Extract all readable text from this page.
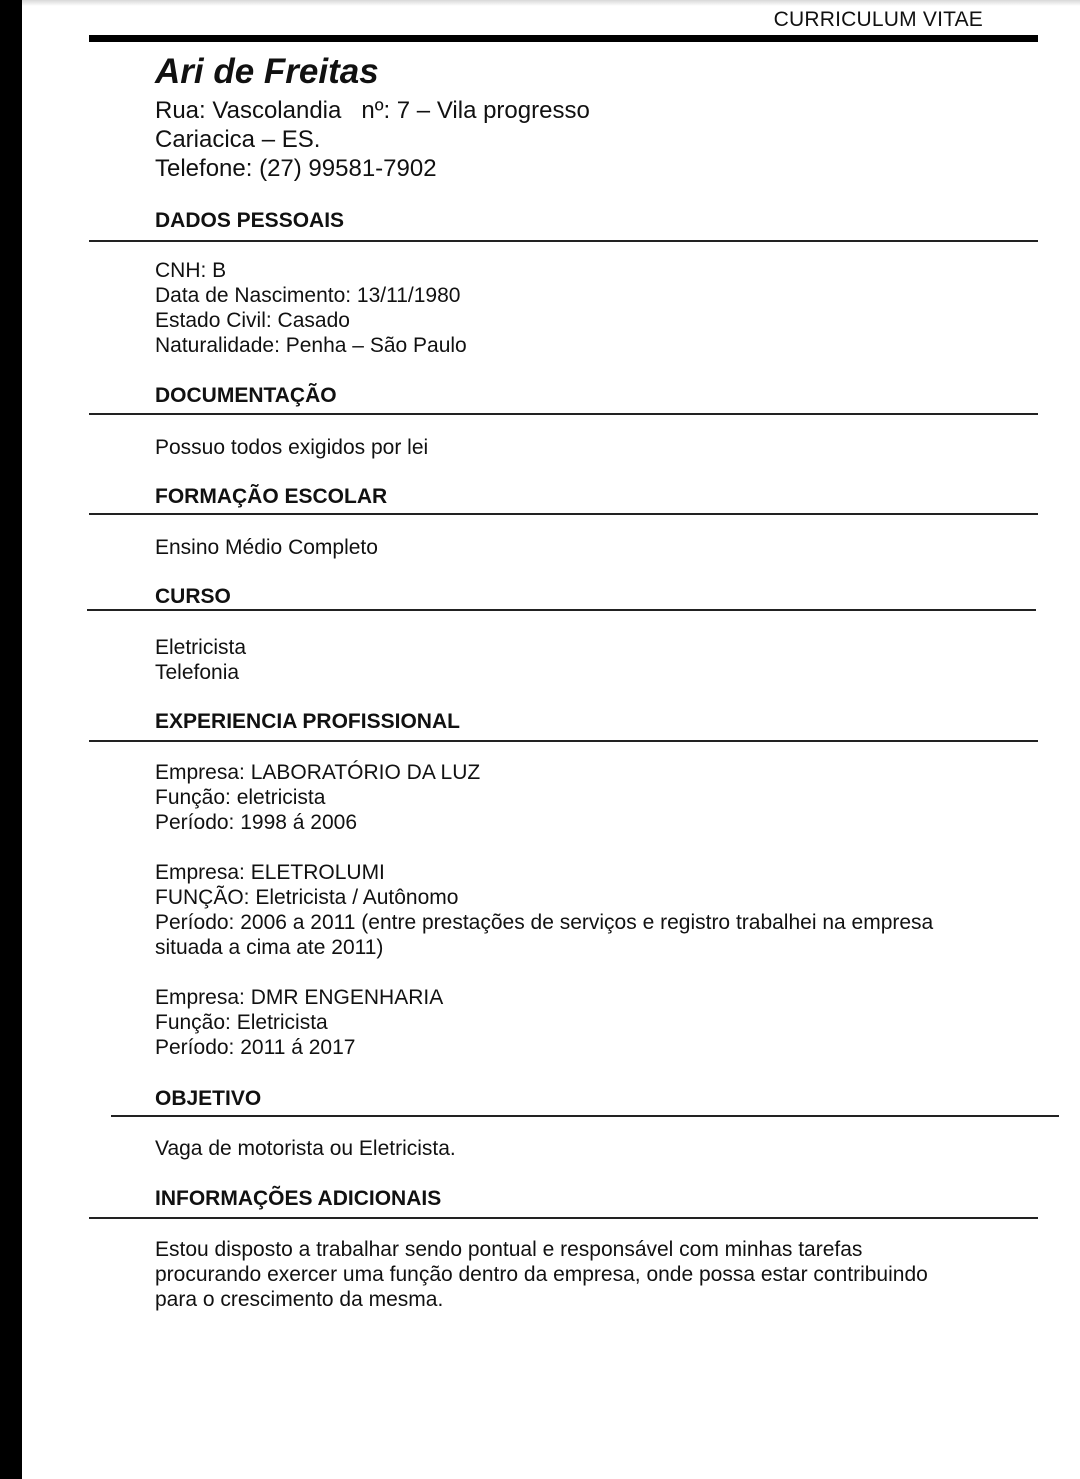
CURRICULUM VITAE
Ari de Freitas
Rua: Vascolandia   nº: 7 – Vila progresso
Cariacica – ES.
Telefone: (27) 99581-7902
DADOS PESSOAIS
CNH: B
Data de Nascimento: 13/11/1980
Estado Civil: Casado
Naturalidade: Penha – São Paulo
DOCUMENTAÇÃO
Possuo todos exigidos por lei
FORMAÇÃO ESCOLAR
Ensino Médio Completo
CURSO
Eletricista
Telefonia
EXPERIENCIA PROFISSIONAL
Empresa: LABORATÓRIO DA LUZ
Função: eletricista
Período: 1998 á 2006
Empresa: ELETROLUMI
FUNÇÃO: Eletricista / Autônomo
Período: 2006 a 2011 (entre prestações de serviços e registro trabalhei na empresa situada a cima ate 2011)
Empresa: DMR ENGENHARIA
Função: Eletricista
Período: 2011 á 2017
OBJETIVO
Vaga de motorista ou Eletricista.
INFORMAÇÕES ADICIONAIS
Estou disposto a trabalhar sendo pontual e responsável com minhas tarefas procurando exercer uma função dentro da empresa, onde possa estar contribuindo para o crescimento da mesma.
